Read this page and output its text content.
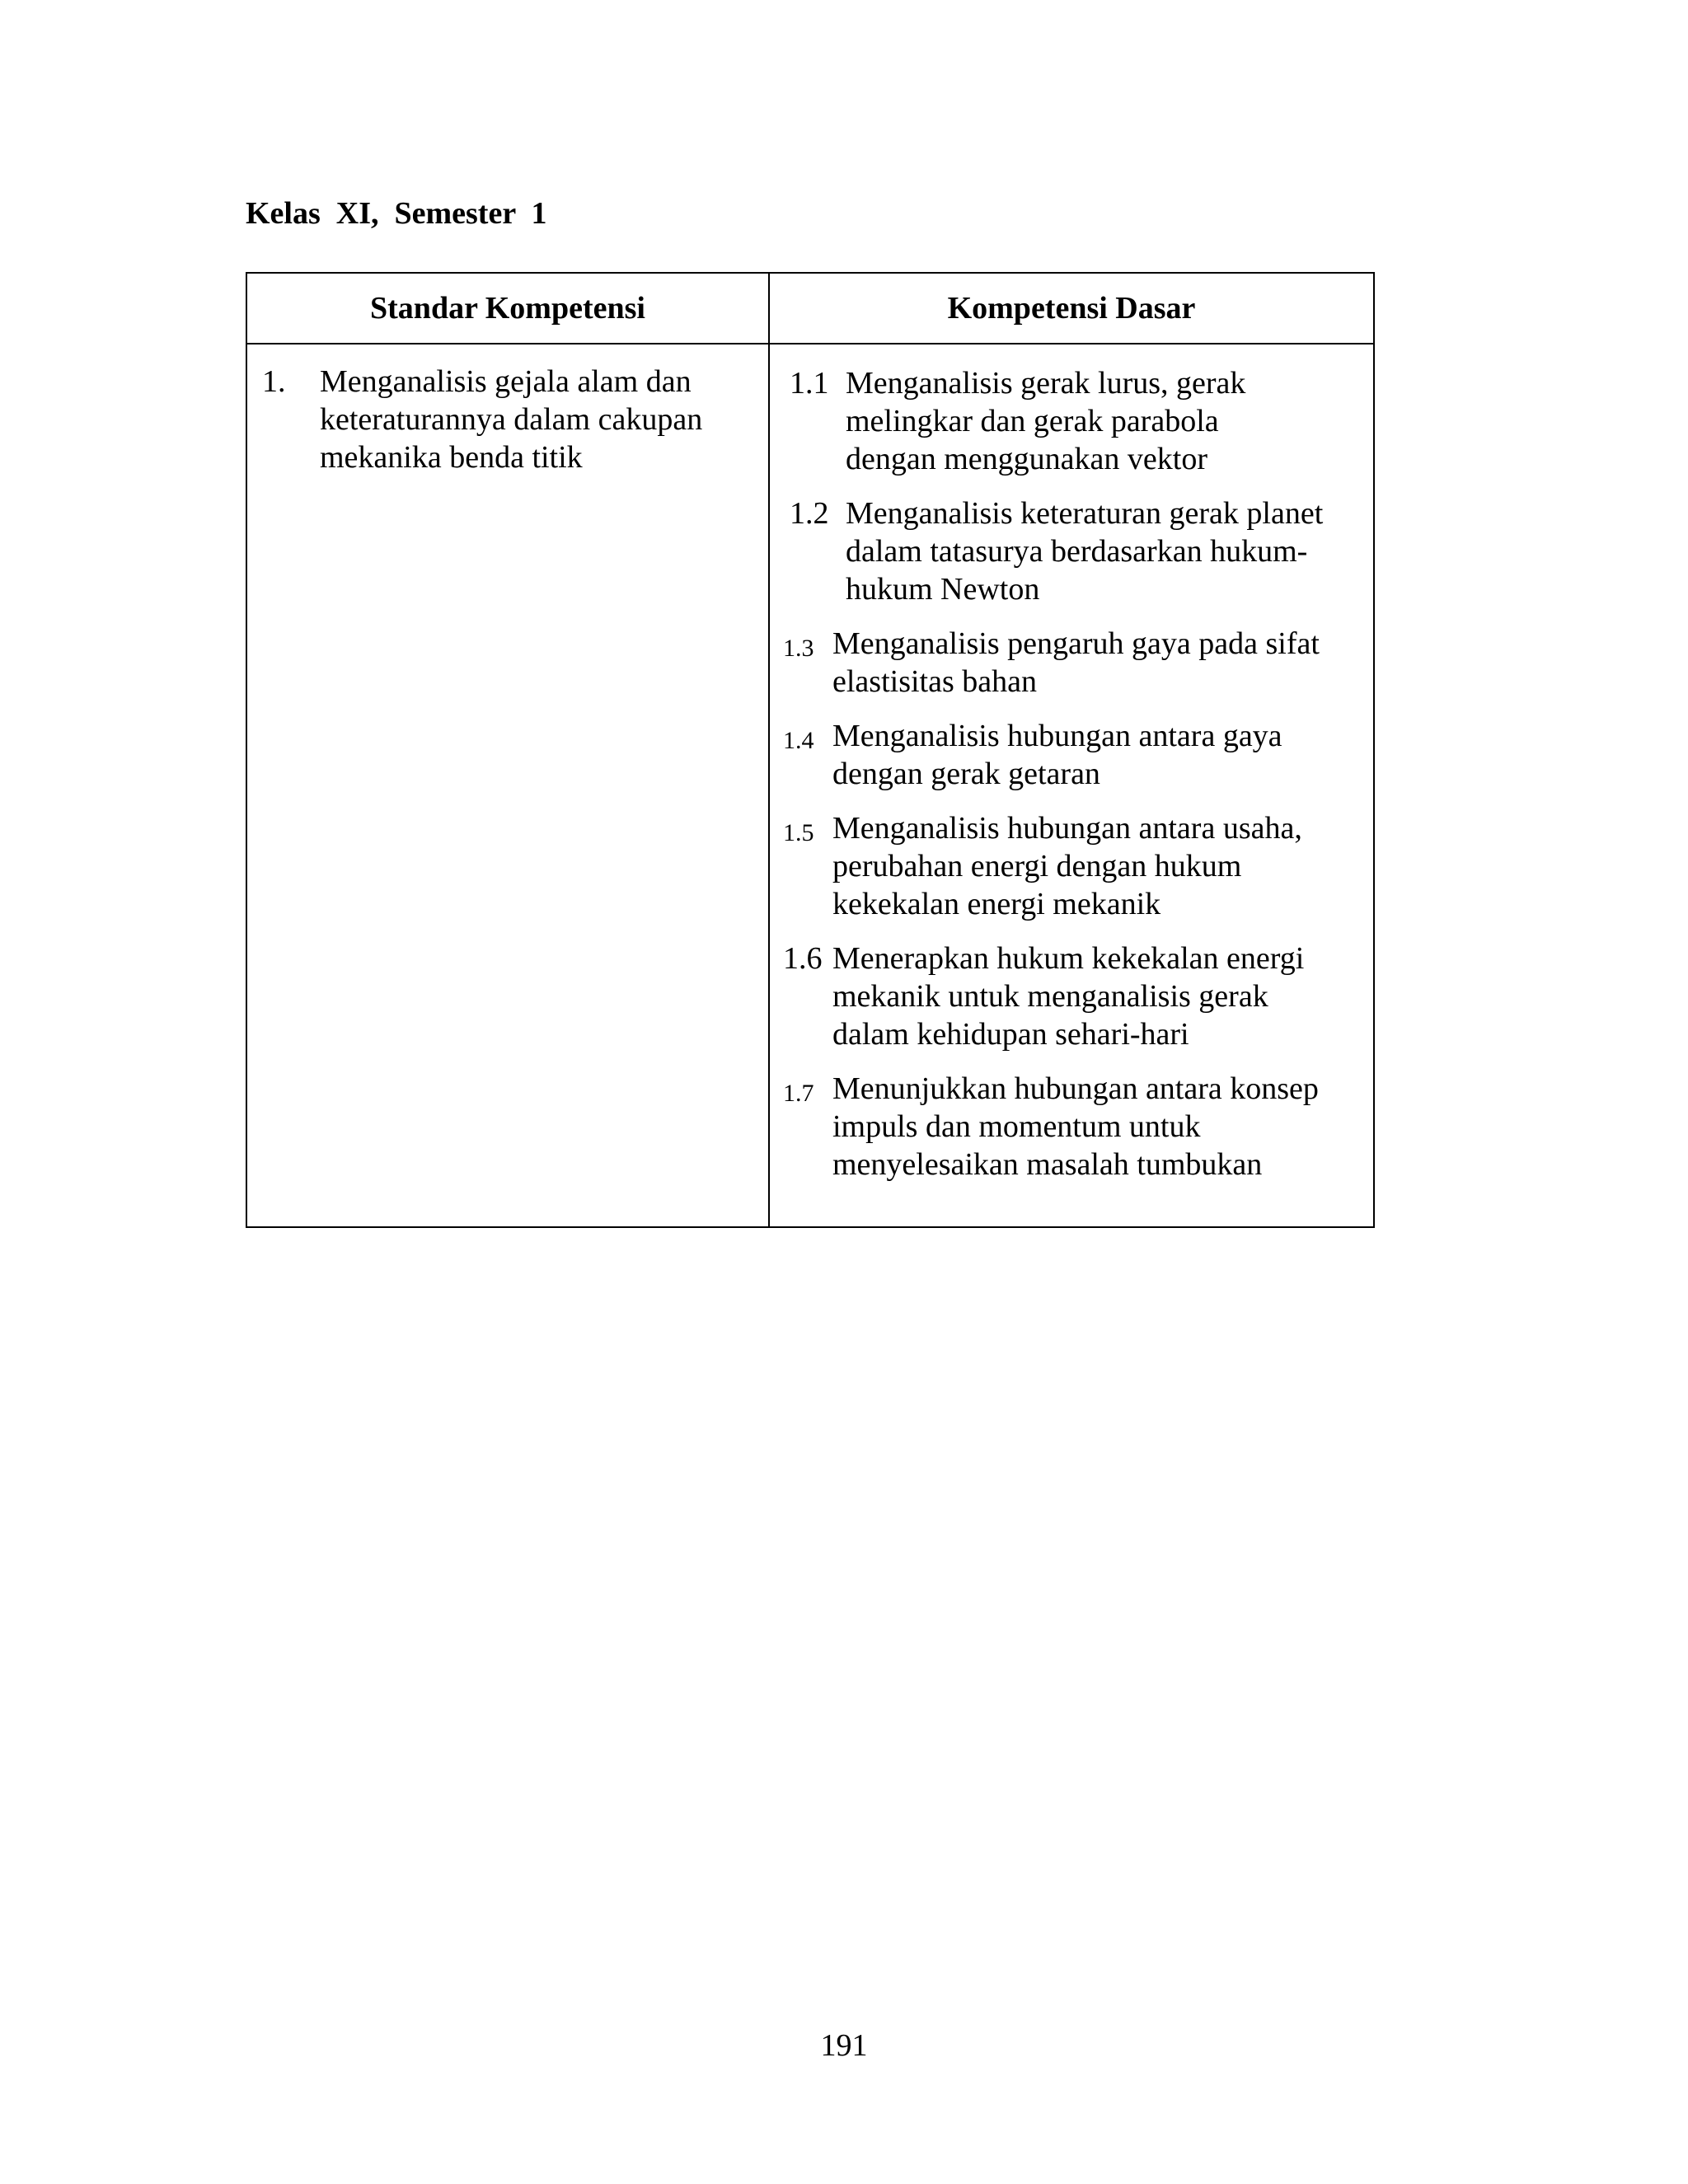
Kelas  XI,  Semester  1
Standar Kompetensi	Kompetensi Dasar
1. Menganalisis gejala alam dan keteraturannya dalam cakupan mekanika benda titik
1.1 Menganalisis gerak lurus, gerak melingkar dan gerak parabola dengan menggunakan vektor
1.2 Menganalisis keteraturan gerak planet dalam tatasurya berdasarkan hukum-hukum Newton
1.3 Menganalisis pengaruh gaya pada sifat elastisitas bahan
1.4 Menganalisis hubungan antara gaya dengan gerak getaran
1.5 Menganalisis hubungan antara usaha, perubahan energi dengan hukum kekekalan energi mekanik
1.6 Menerapkan hukum kekekalan energi mekanik untuk menganalisis gerak dalam kehidupan sehari-hari
1.7 Menunjukkan hubungan antara konsep impuls dan momentum untuk menyelesaikan masalah tumbukan
191
